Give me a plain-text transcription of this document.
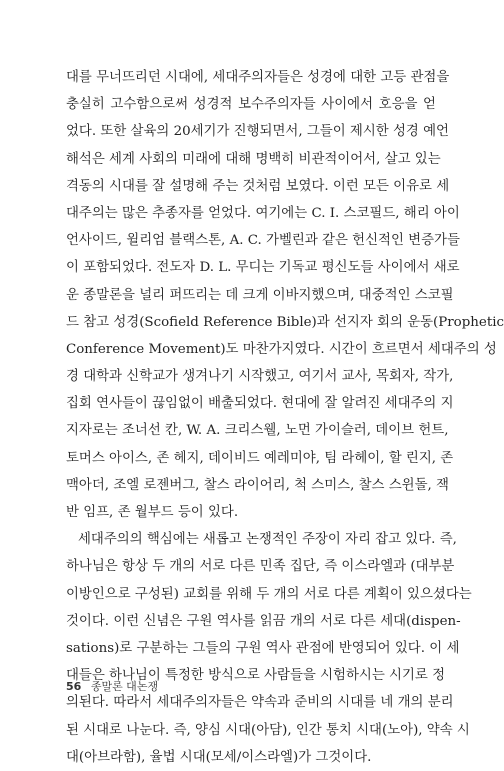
대를 무너뜨리던 시대에, 세대주의자들은 성경에 대한 고등 관점을
충실히 고수함으로써 성경적 보수주의자들 사이에서 호응을 얻
었다. 또한 살육의 20세기가 진행되면서, 그들이 제시한 성경 예언
해석은 세계 사회의 미래에 대해 명백히 비관적이어서, 살고 있는
격동의 시대를 잘 설명해 주는 것처럼 보였다. 이런 모든 이유로 세
대주의는 많은 추종자를 얻었다. 여기에는 C. I. 스코필드, 해리 아이
언사이드, 윌리엄 블랙스톤, A. C. 가벨린과 같은 헌신적인 변증가들
이 포함되었다. 전도자 D. L. 무디는 기독교 평신도들 사이에서 새로
운 종말론을 널리 퍼뜨리는 데 크게 이바지했으며, 대중적인 스코필
드 참고 성경(Scofield Reference Bible)과 선지자 회의 운동(Prophetic
Conference Movement)도 마찬가지였다. 시간이 흐르면서 세대주의 성
경 대학과 신학교가 생겨나기 시작했고, 여기서 교사, 목회자, 작가,
집회 연사들이 끊임없이 배출되었다. 현대에 잘 알려진 세대주의 지
지자로는 조너선 칸, W. A. 크리스웰, 노먼 가이슬러, 데이브 헌트,
토머스 아이스, 존 헤지, 데이비드 예레미야, 팀 라헤이, 할 린지, 존
맥아더, 조엘 로젠버그, 찰스 라이어리, 척 스미스, 찰스 스윈돌, 잭
반 임프, 존 월부드 등이 있다.
세대주의의 핵심에는 새롭고 논쟁적인 주장이 자리 잡고 있다. 즉,
하나님은 항상 두 개의 서로 다른 민족 집단, 즉 이스라엘과 (대부분
이방인으로 구성된) 교회를 위해 두 개의 서로 다른 계획이 있으셨다는
것이다. 이런 신념은 구원 역사를 읽끔 개의 서로 다른 세대(dispen-
sations)로 구분하는 그들의 구원 역사 관점에 반영되어 있다. 이 세
대들은 하나님이 특정한 방식으로 사람들을 시험하시는 시기로 정
의된다. 따라서 세대주의자들은 약속과 준비의 시대를 네 개의 분리
된 시대로 나눈다. 즉, 양심 시대(아담), 인간 통치 시대(노아), 약속 시
대(아브라함), 율법 시대(모세/이스라엘)가 그것이다.
56 종말론 대논쟁
